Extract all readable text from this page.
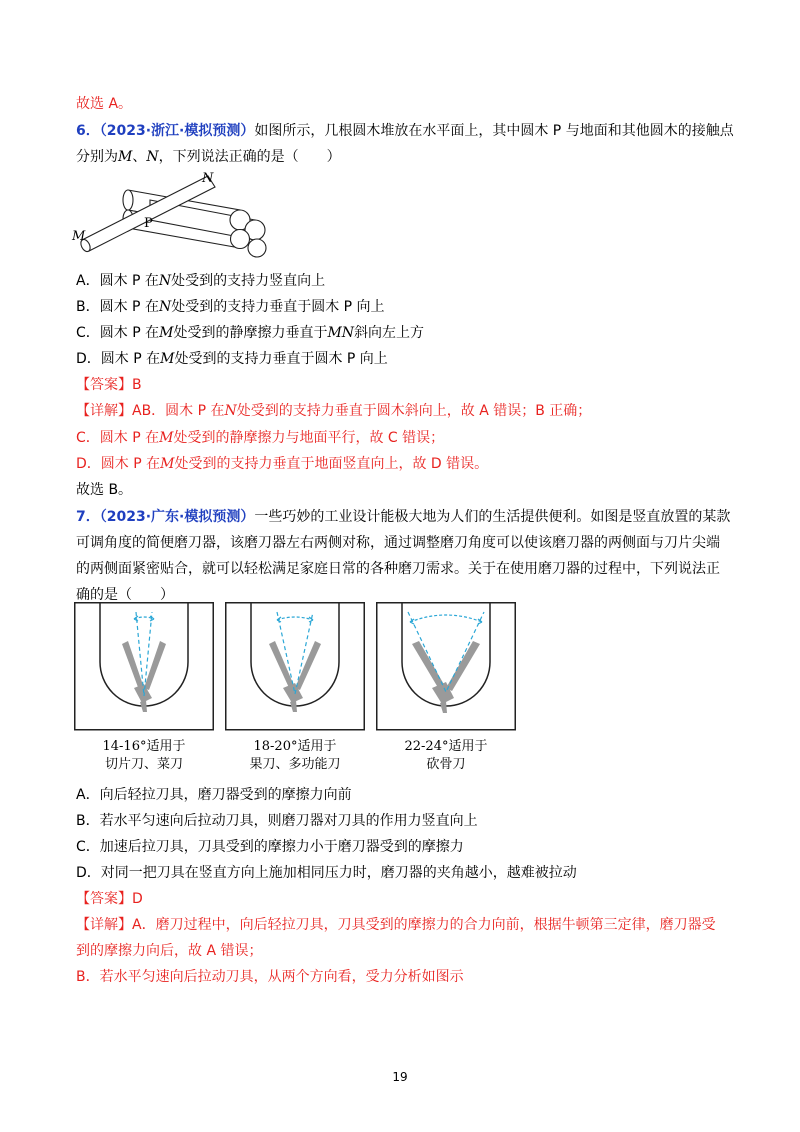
故选 A。
6．（2023·浙江·模拟预测）如图所示，几根圆木堆放在水平面上，其中圆木 P 与地面和其他圆木的接触点
分别为M、N，下列说法正确的是（　　）
N
P
M
A．圆木 P 在N处受到的支持力竖直向上
B．圆木 P 在N处受到的支持力垂直于圆木 P 向上
C．圆木 P 在M处受到的静摩擦力垂直于MN斜向左上方
D．圆木 P 在M处受到的支持力垂直于圆木 P 向上
【答案】B
【详解】AB．圆木 P 在N处受到的支持力垂直于圆木斜向上，故 A 错误；B 正确；
C．圆木 P 在M处受到的静摩擦力与地面平行，故 C 错误；
D．圆木 P 在M处受到的支持力垂直于地面竖直向上，故 D 错误。
故选 B。
7．（2023·广东·模拟预测）一些巧妙的工业设计能极大地为人们的生活提供便利。如图是竖直放置的某款
可调角度的简便磨刀器，该磨刀器左右两侧对称，通过调整磨刀角度可以使该磨刀器的两侧面与刀片尖端
的两侧面紧密贴合，就可以轻松满足家庭日常的各种磨刀需求。关于在使用磨刀器的过程中，下列说法正
确的是（　　）
14-16°适用于
切片刀、菜刀
18-20°适用于
果刀、多功能刀
22-24°适用于
砍骨刀
A．向后轻拉刀具，磨刀器受到的摩擦力向前
B．若水平匀速向后拉动刀具，则磨刀器对刀具的作用力竖直向上
C．加速后拉刀具，刀具受到的摩擦力小于磨刀器受到的摩擦力
D．对同一把刀具在竖直方向上施加相同压力时，磨刀器的夹角越小，越难被拉动
【答案】D
【详解】A．磨刀过程中，向后轻拉刀具，刀具受到的摩擦力的合力向前，根据牛顿第三定律，磨刀器受
到的摩擦力向后，故 A 错误；
B．若水平匀速向后拉动刀具，从两个方向看，受力分析如图示
19
